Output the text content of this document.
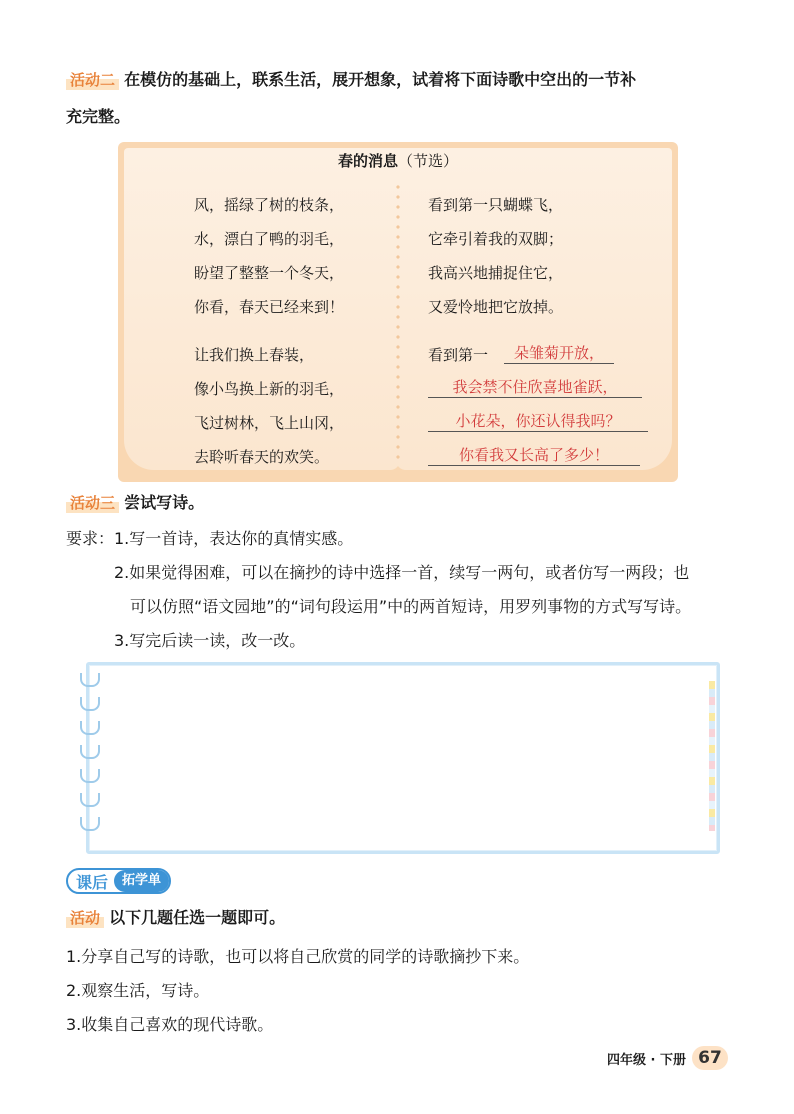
活动二 在模仿的基础上，联系生活，展开想象，试着将下面诗歌中空出的一节补
充完整。
春的消息（节选）
风，摇绿了树的枝条，
水，漂白了鸭的羽毛，
盼望了整整一个冬天，
你看，春天已经来到！
看到第一只蝴蝶飞，
它牵引着我的双脚；
我高兴地捕捉住它，
又爱怜地把它放掉。
让我们换上春装，
像小鸟换上新的羽毛，
飞过树林，飞上山冈，
去聆听春天的欢笑。
看到第一	朵雏菊开放，
我会禁不住欣喜地雀跃，
小花朵，你还认得我吗？
你看我又长高了多少！
活动三 尝试写诗。
要求：1.写一首诗，表达你的真情实感。
2.如果觉得困难，可以在摘抄的诗中选择一首，续写一两句，或者仿写一两段；也
可以仿照“语文园地”的“词句段运用”中的两首短诗，用罗列事物的方式写写诗。
3.写完后读一读，改一改。
课后	拓学单
活动 以下几题任选一题即可。
1.分享自己写的诗歌，也可以将自己欣赏的同学的诗歌摘抄下来。
2.观察生活，写诗。
3.收集自己喜欢的现代诗歌。
四年级 · 下册 67
